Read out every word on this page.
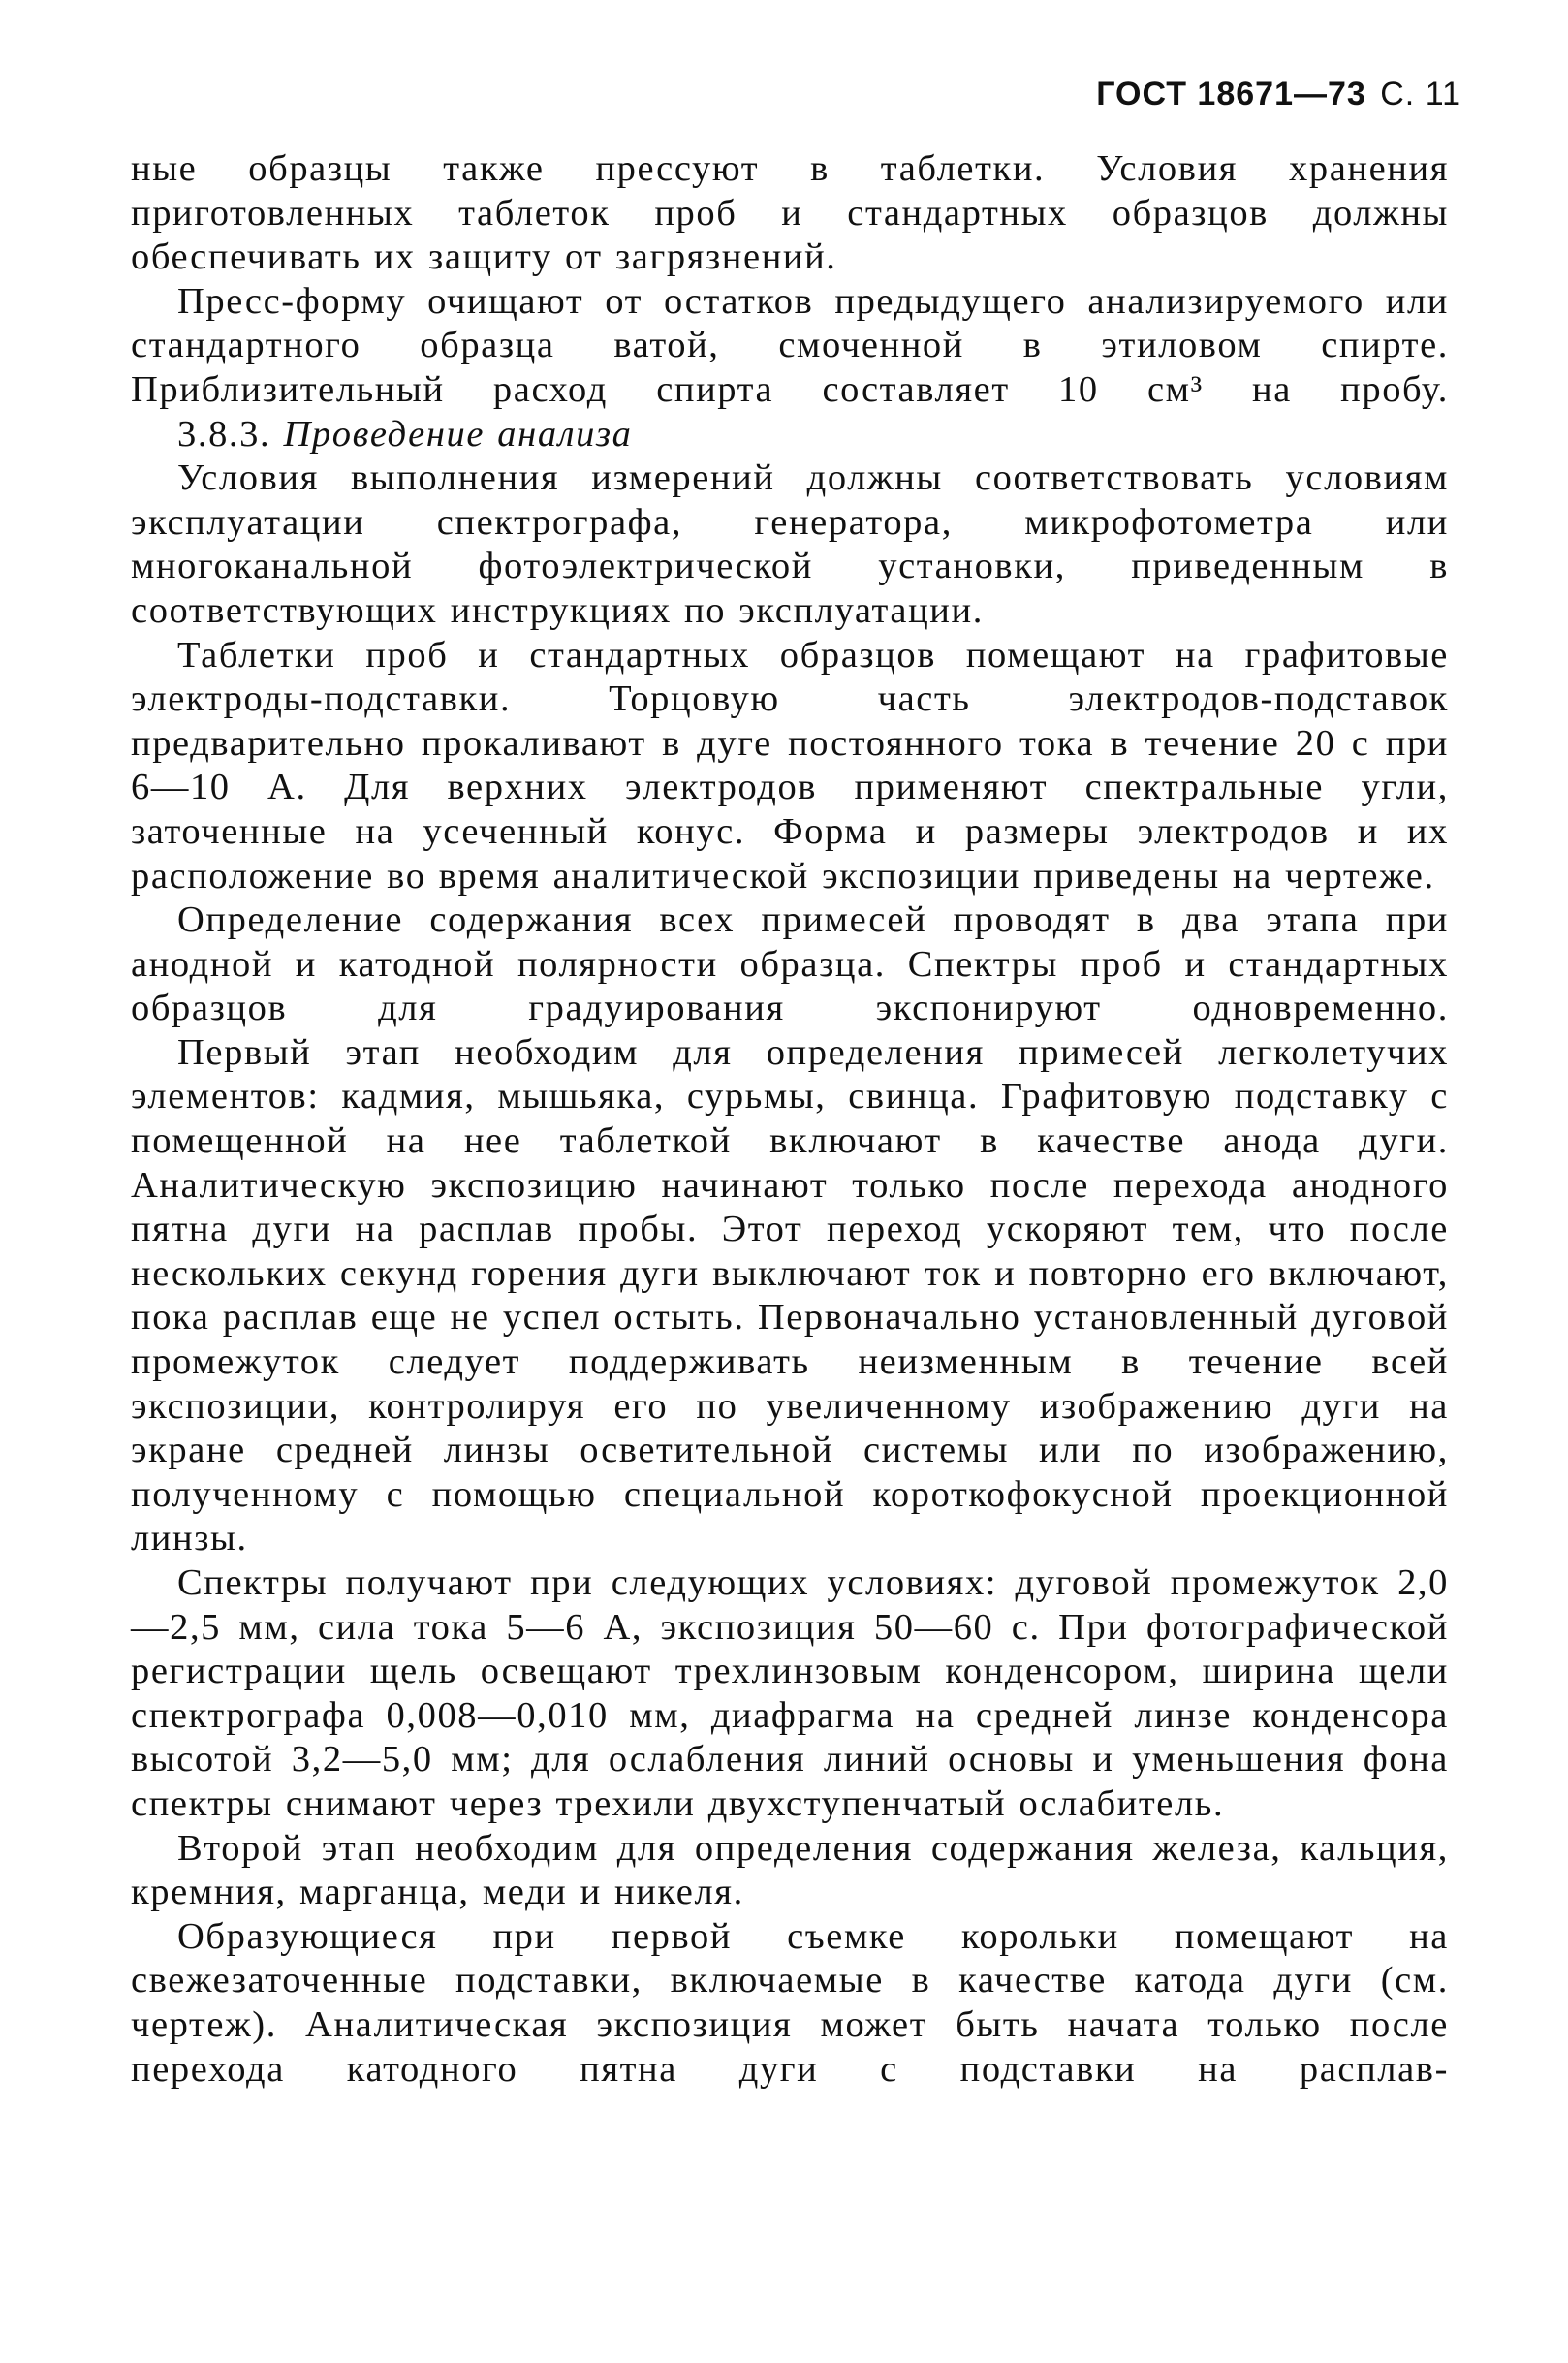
ГОСТ 18671—73 С. 11

ные образцы также прессуют в таблетки. Условия хранения приготовленных таблеток проб и стандартных образцов должны обеспечивать их защиту от загрязнений.

Пресс-форму очищают от остатков предыдущего анализируемого или стандартного образца ватой, смоченной в этиловом спирте. Приблизительный расход спирта составляет 10 см³ на пробу.

3.8.3. Проведение анализа

Условия выполнения измерений должны соответствовать условиям эксплуатации спектрографа, генератора, микрофотометра или многоканальной фотоэлектрической установки, приведенным в соответствующих инструкциях по эксплуатации.

Таблетки проб и стандартных образцов помещают на графитовые электроды-подставки. Торцовую часть электродов-подставок предварительно прокаливают в дуге постоянного тока в течение 20 с при 6—10 А. Для верхних электродов применяют спектральные угли, заточенные на усеченный конус. Форма и размеры электродов и их расположение во время аналитической экспозиции приведены на чертеже.

Определение содержания всех примесей проводят в два этапа при анодной и катодной полярности образца. Спектры проб и стандартных образцов для градуирования экспонируют одновременно.

Первый этап необходим для определения примесей легколетучих элементов: кадмия, мышьяка, сурьмы, свинца. Графитовую подставку с помещенной на нее таблеткой включают в качестве анода дуги. Аналитическую экспозицию начинают только после перехода анодного пятна дуги на расплав пробы. Этот переход ускоряют тем, что после нескольких секунд горения дуги выключают ток и повторно его включают, пока расплав еще не успел остыть. Первоначально установленный дуговой промежуток следует поддерживать неизменным в течение всей экспозиции, контролируя его по увеличенному изображению дуги на экране средней линзы осветительной системы или по изображению, полученному с помощью специальной короткофокусной проекционной линзы.

Спектры получают при следующих условиях: дуговой промежуток 2,0—2,5 мм, сила тока 5—6 А, экспозиция 50—60 с. При фотографической регистрации щель освещают трехлинзовым конденсором, ширина щели спектрографа 0,008—0,010 мм, диафрагма на средней линзе конденсора высотой 3,2—5,0 мм; для ослабления линий основы и уменьшения фона спектры снимают через трехили двухступенчатый ослабитель.

Второй этап необходим для определения содержания железа, кальция, кремния, марганца, меди и никеля.

Образующиеся при первой съемке корольки помещают на свежезаточенные подставки, включаемые в качестве катода дуги (см. чертеж). Аналитическая экспозиция может быть начата только после перехода катодного пятна дуги с подставки на расплав-
